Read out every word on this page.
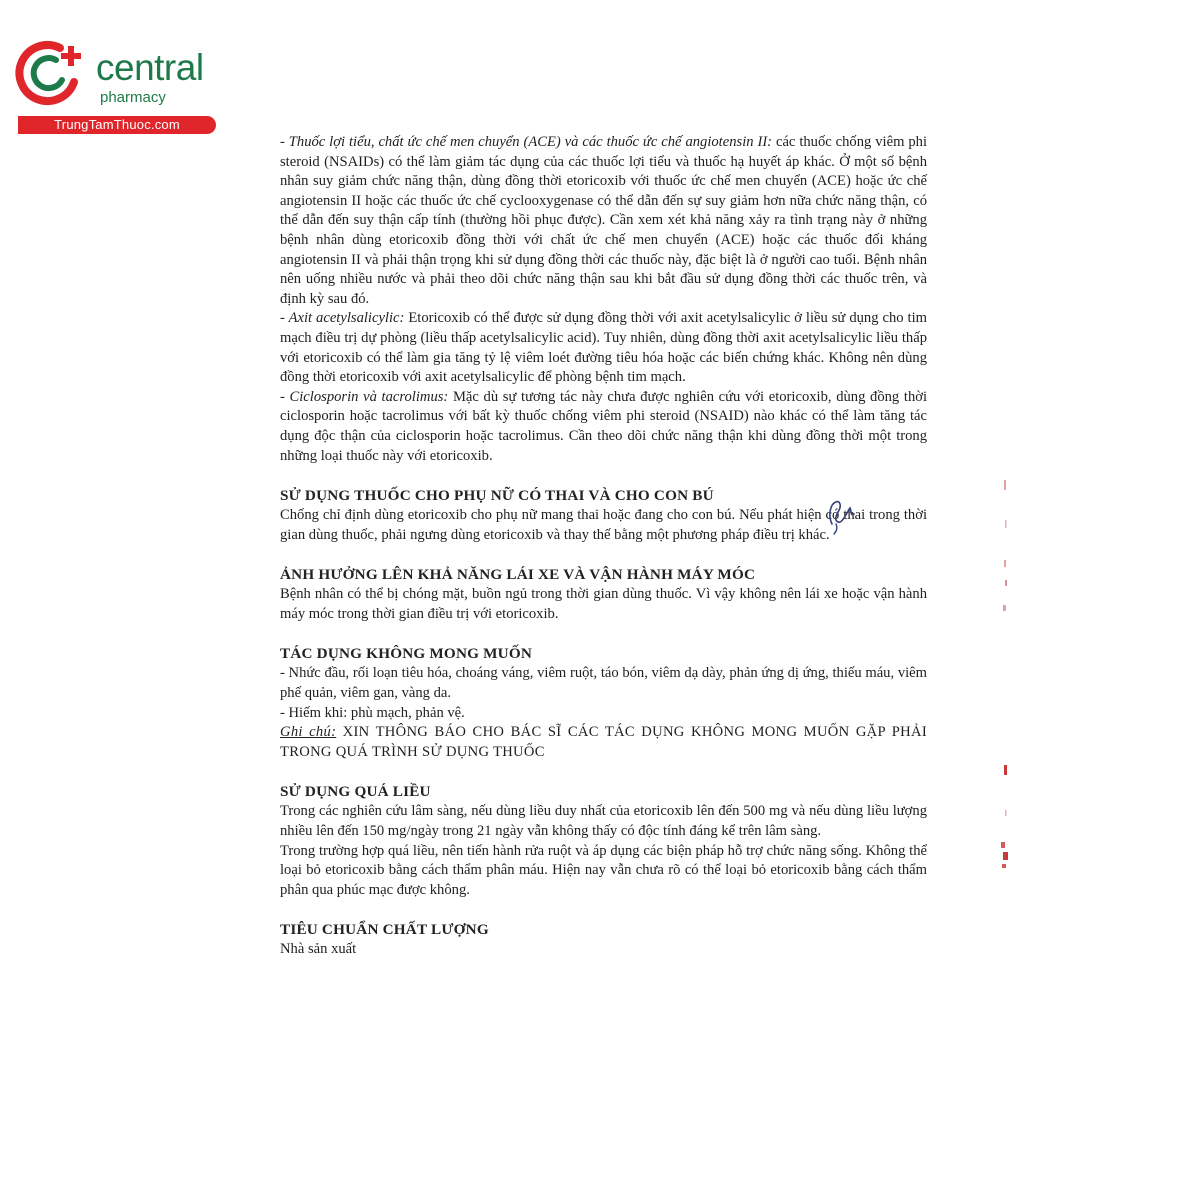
central
pharmacy
TrungTamThuoc.com

- Thuốc lợi tiểu, chất ức chế men chuyển (ACE) và các thuốc ức chế angiotensin II: các thuốc chống viêm phi steroid (NSAIDs) có thể làm giảm tác dụng của các thuốc lợi tiểu và thuốc hạ huyết áp khác. Ở một số bệnh nhân suy giảm chức năng thận, dùng đồng thời etoricoxib với thuốc ức chế men chuyển (ACE) hoặc ức chế angiotensin II hoặc các thuốc ức chế cyclooxygenase có thể dẫn đến sự suy giảm hơn nữa chức năng thận, có thể dẫn đến suy thận cấp tính (thường hồi phục được). Cần xem xét khả năng xảy ra tình trạng này ở những bệnh nhân dùng etoricoxib đồng thời với chất ức chế men chuyển (ACE) hoặc các thuốc đối kháng angiotensin II và phải thận trọng khi sử dụng đồng thời các thuốc này, đặc biệt là ở người cao tuổi. Bệnh nhân nên uống nhiều nước và phải theo dõi chức năng thận sau khi bắt đầu sử dụng đồng thời các thuốc trên, và định kỳ sau đó.

- Axit acetylsalicylic: Etoricoxib có thể được sử dụng đồng thời với axit acetylsalicylic ở liều sử dụng cho tim mạch điều trị dự phòng (liều thấp acetylsalicylic acid). Tuy nhiên, dùng đồng thời axit acetylsalicylic liều thấp với etoricoxib có thể làm gia tăng tỷ lệ viêm loét đường tiêu hóa hoặc các biến chứng khác. Không nên dùng đồng thời etoricoxib với axit acetylsalicylic để phòng bệnh tim mạch.

- Ciclosporin và tacrolimus: Mặc dù sự tương tác này chưa được nghiên cứu với etoricoxib, dùng đồng thời ciclosporin hoặc tacrolimus với bất kỳ thuốc chống viêm phi steroid (NSAID) nào khác có thể làm tăng tác dụng độc thận của ciclosporin hoặc tacrolimus. Cần theo dõi chức năng thận khi dùng đồng thời một trong những loại thuốc này với etoricoxib.

SỬ DỤNG THUỐC CHO PHỤ NỮ CÓ THAI VÀ CHO CON BÚ

Chống chỉ định dùng etoricoxib cho phụ nữ mang thai hoặc đang cho con bú. Nếu phát hiện có thai trong thời gian dùng thuốc, phải ngưng dùng etoricoxib và thay thế bằng một phương pháp điều trị khác.

ẢNH HƯỞNG LÊN KHẢ NĂNG LÁI XE VÀ VẬN HÀNH MÁY MÓC

Bệnh nhân có thể bị chóng mặt, buồn ngủ trong thời gian dùng thuốc. Vì vậy không nên lái xe hoặc vận hành máy móc trong thời gian điều trị với etoricoxib.

TÁC DỤNG KHÔNG MONG MUỐN

- Nhức đầu, rối loạn tiêu hóa, choáng váng, viêm ruột, táo bón, viêm dạ dày, phản ứng dị ứng, thiếu máu, viêm phế quản, viêm gan, vàng da.

- Hiếm khi: phù mạch, phản vệ.

Ghi chú: XIN THÔNG BÁO CHO BÁC SĨ CÁC TÁC DỤNG KHÔNG MONG MUỐN GẶP PHẢI TRONG QUÁ TRÌNH SỬ DỤNG THUỐC

SỬ DỤNG QUÁ LIỀU

Trong các nghiên cứu lâm sàng, nếu dùng liều duy nhất của etoricoxib lên đến 500 mg và nếu dùng liều lượng nhiều lên đến 150 mg/ngày trong 21 ngày vẫn không thấy có độc tính đáng kể trên lâm sàng.

Trong trường hợp quá liều, nên tiến hành rửa ruột và áp dụng các biện pháp hỗ trợ chức năng sống. Không thể loại bỏ etoricoxib bằng cách thẩm phân máu. Hiện nay vẫn chưa rõ có thể loại bỏ etoricoxib bằng cách thẩm phân qua phúc mạc được không.

TIÊU CHUẨN CHẤT LƯỢNG

Nhà sản xuất
